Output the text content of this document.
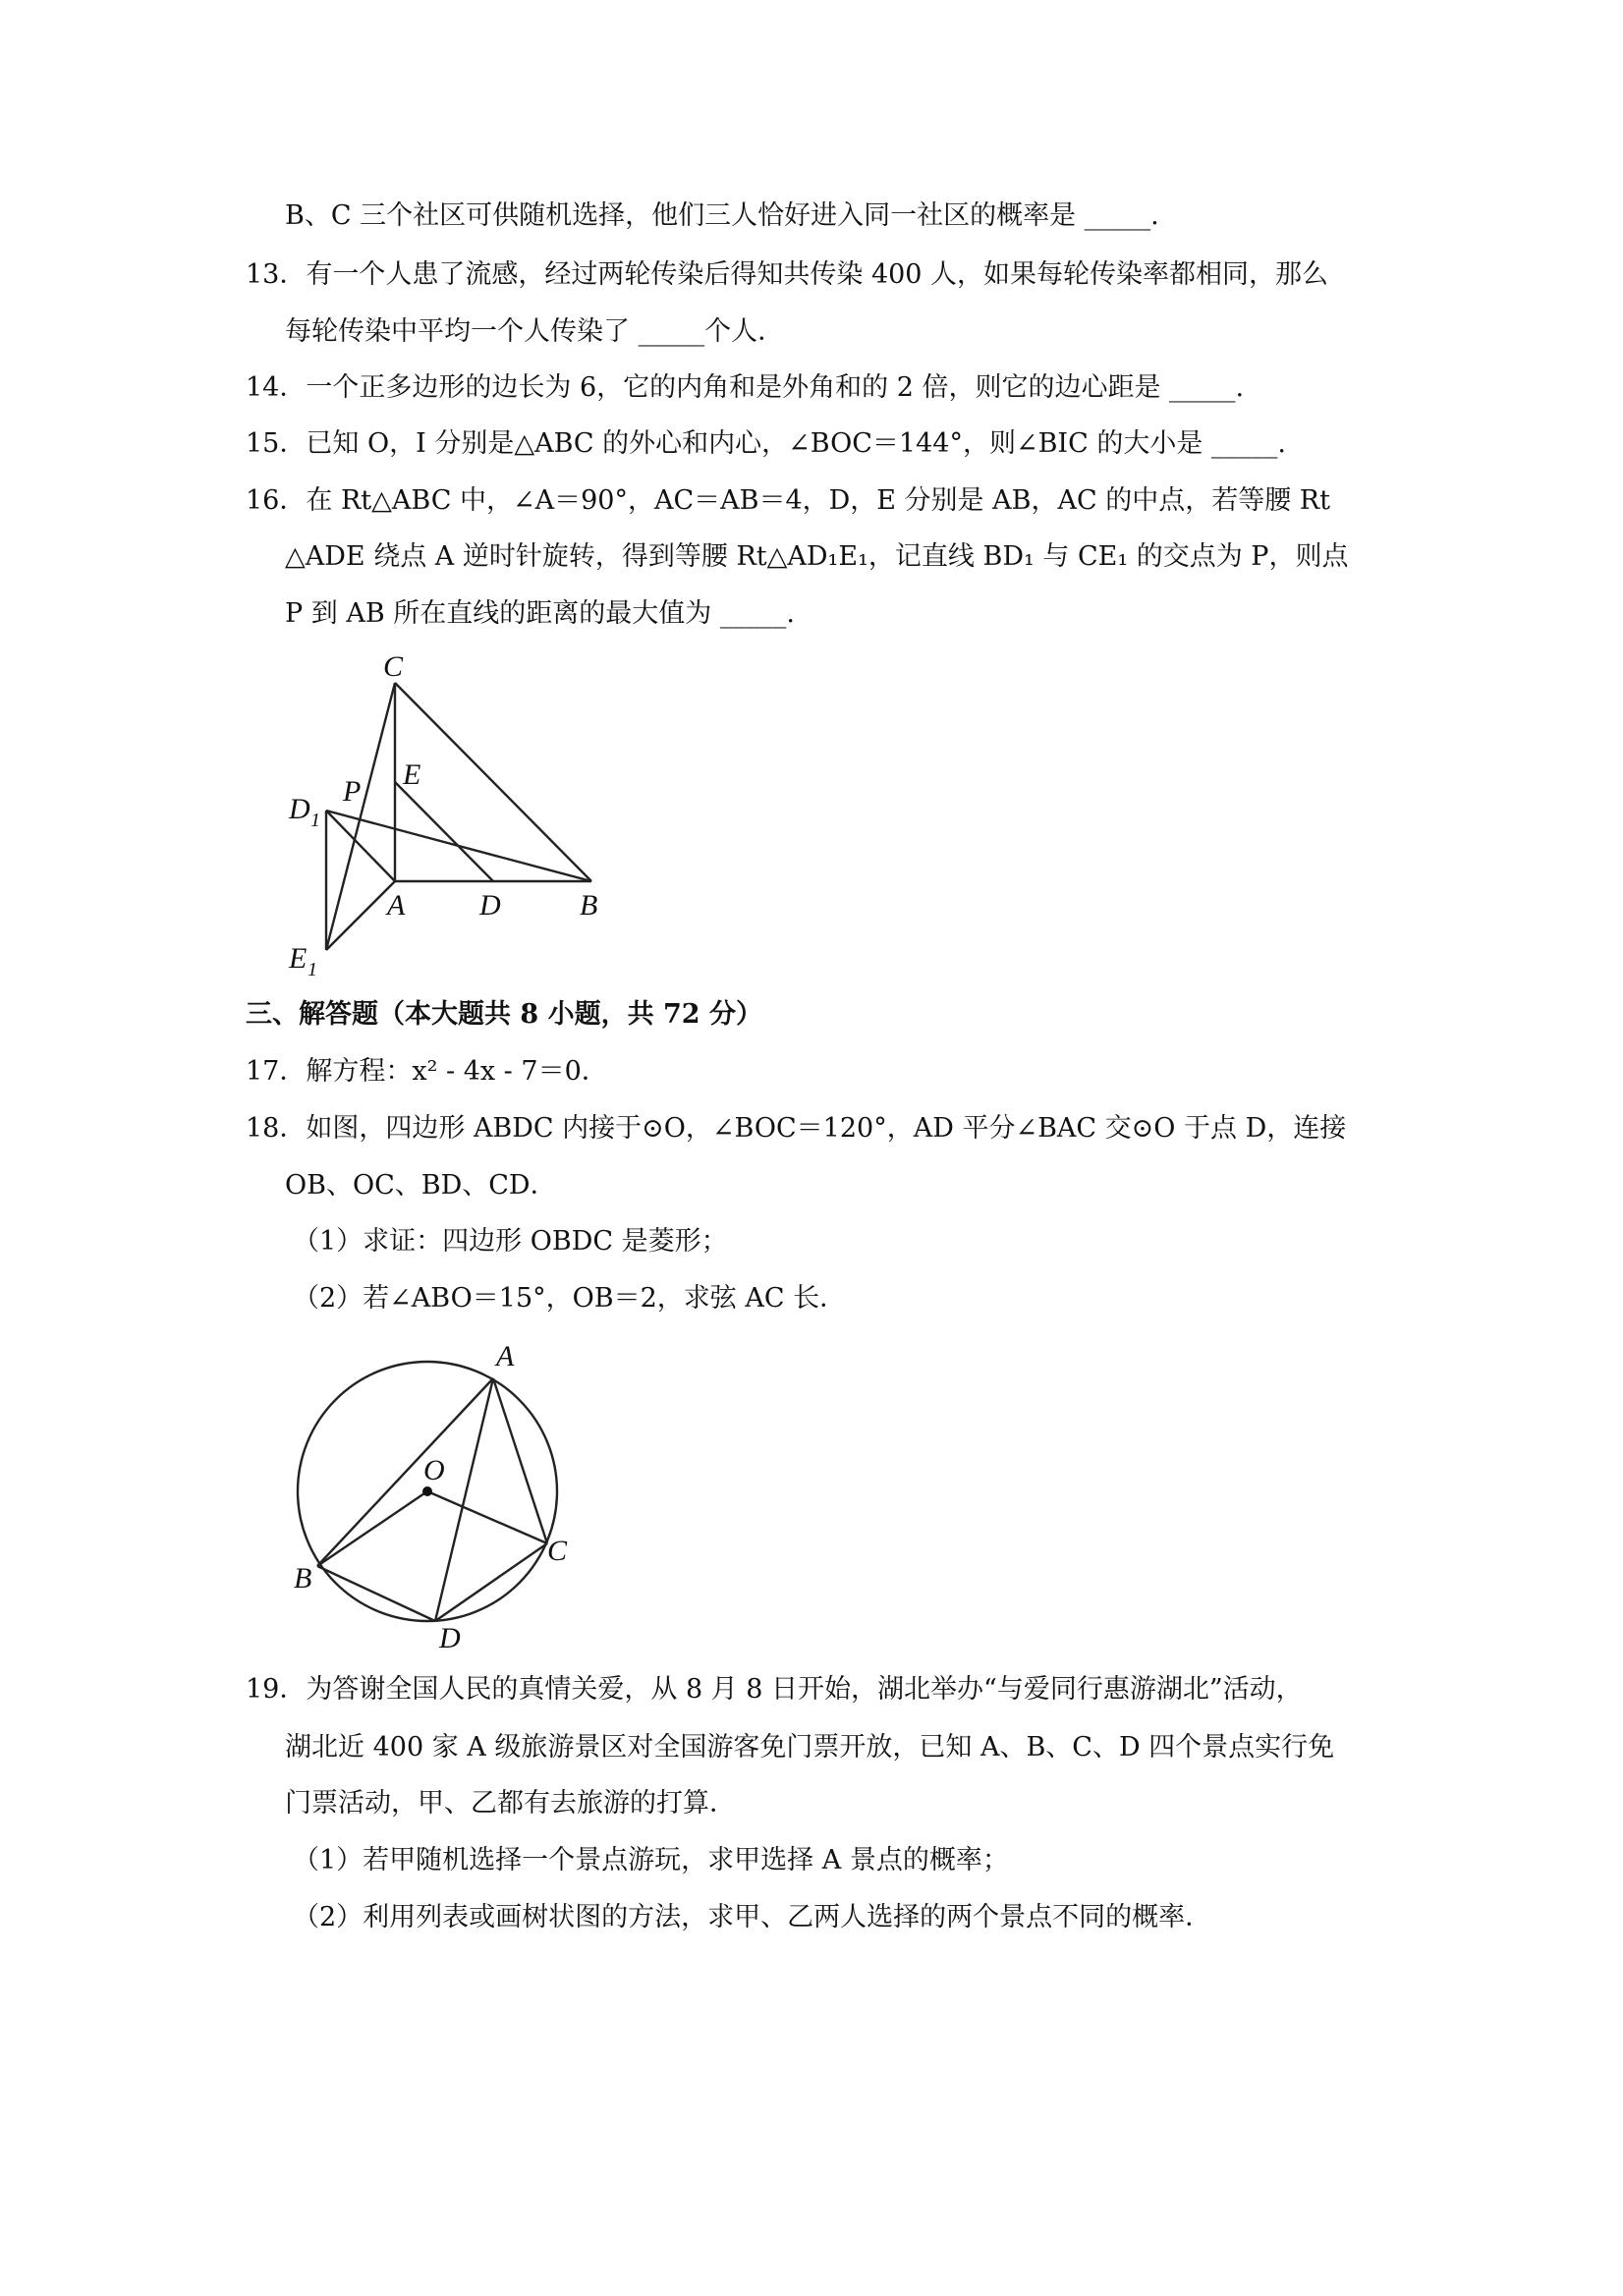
B、C 三个社区可供随机选择，他们三人恰好进入同一社区的概率是 _____.
13．有一个人患了流感，经过两轮传染后得知共传染 400 人，如果每轮传染率都相同，那么
每轮传染中平均一个人传染了 _____个人．
14．一个正多边形的边长为 6，它的内角和是外角和的 2 倍，则它的边心距是 _____.
15．已知 O，I 分别是△ABC 的外心和内心，∠BOC＝144°，则∠BIC 的大小是 _____.
16．在 Rt△ABC 中，∠A＝90°，AC＝AB＝4，D，E 分别是 AB，AC 的中点，若等腰 Rt
△ADE 绕点 A 逆时针旋转，得到等腰 Rt△AD₁E₁，记直线 BD₁ 与 CE₁ 的交点为 P，则点
P 到 AB 所在直线的距离的最大值为 _____.
C
E
P
D 1
A	D	B
E 1
三、解答题（本大题共 8 小题，共 72 分）
17．解方程：x² - 4x - 7＝0．
18．如图，四边形 ABDC 内接于⊙O，∠BOC＝120°，AD 平分∠BAC 交⊙O 于点 D，连接
OB、OC、BD、CD．
（1）求证：四边形 OBDC 是菱形；
（2）若∠ABO＝15°，OB＝2，求弦 AC 长．
A
O
B
C
D
19．为答谢全国人民的真情关爱，从 8 月 8 日开始，湖北举办“与爱同行惠游湖北”活动，
湖北近 400 家 A 级旅游景区对全国游客免门票开放，已知 A、B、C、D 四个景点实行免
门票活动，甲、乙都有去旅游的打算．
（1）若甲随机选择一个景点游玩，求甲选择 A 景点的概率；
（2）利用列表或画树状图的方法，求甲、乙两人选择的两个景点不同的概率．
